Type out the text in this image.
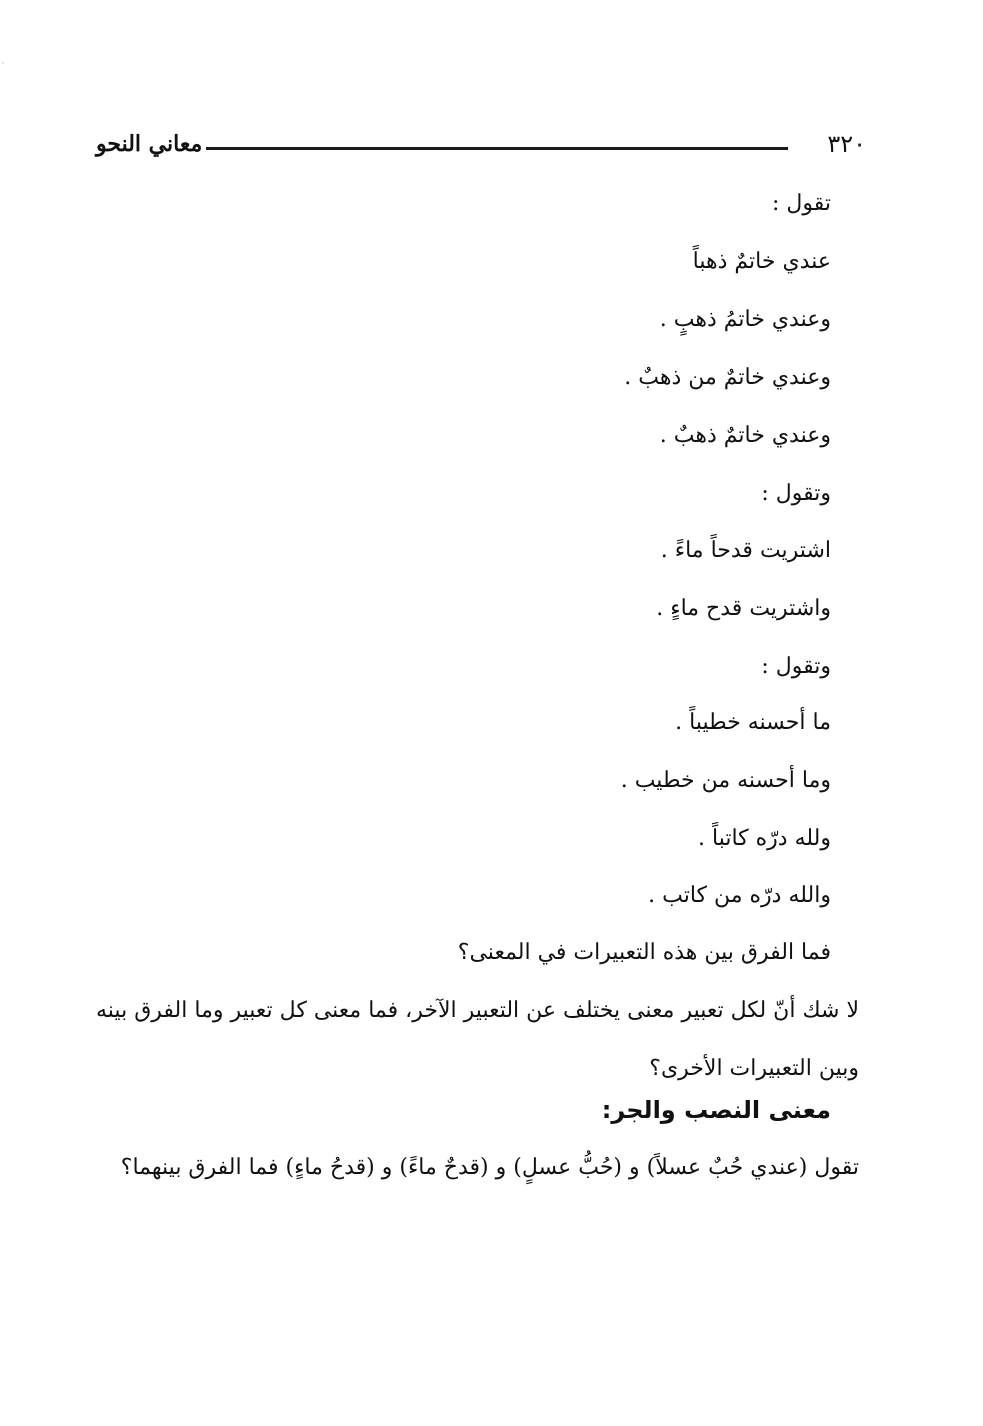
٣٢٠
معاني النحو
تقول :
عندي خاتمٌ ذهباً
وعندي خاتمُ ذهبٍ .
وعندي خاتمٌ من ذهبٌ .
وعندي خاتمٌ ذهبٌ .
وتقول :
اشتريت قدحاً ماءً .
واشتريت قدح ماءٍ .
وتقول :
ما أحسنه خطيباً .
وما أحسنه من خطيب .
ولله درّه كاتباً .
والله درّه من كاتب .
فما الفرق بين هذه التعبيرات في المعنى؟
لا شك أنّ لكل تعبير معنى يختلف عن التعبير الآخر، فما معنى كل تعبير وما الفرق بينه وبين التعبيرات الأخرى؟
معنى النصب والجر:
تقول (عندي حُبٌ عسلاً) و (حُبُّ عسلٍ) و (قدحٌ ماءً) و (قدحُ ماءٍ) فما الفرق بينهما؟
